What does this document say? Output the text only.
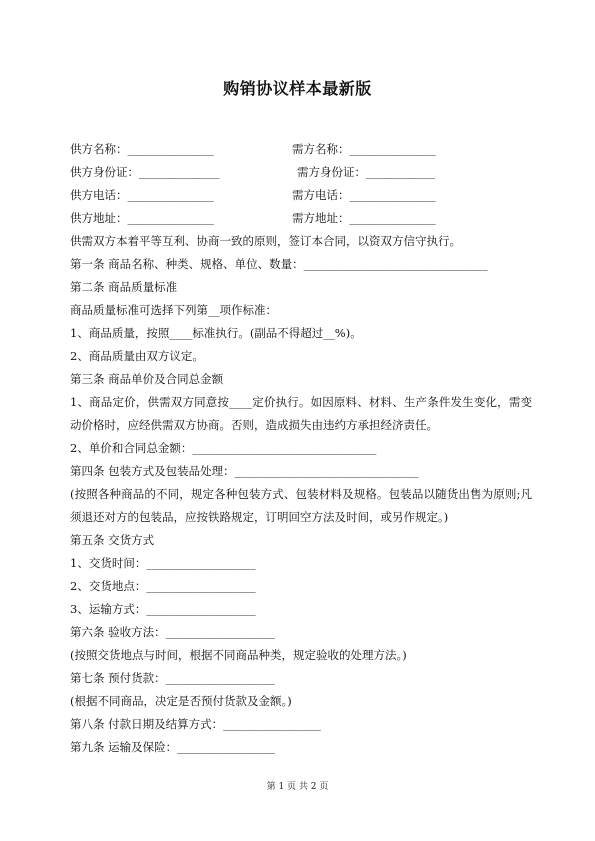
购销协议样本最新版
供方名称：_______________	需方名称：_______________
供方身份证：______________	需方身份证：____________
供方电话：_______________	需方电话：_______________
供方地址：_______________	需方地址：_______________
供需双方本着平等互利、协商一致的原则，签订本合同，以资双方信守执行。
第一条 商品名称、种类、规格、单位、数量：________________________________
第二条 商品质量标准
商品质量标准可选择下列第__项作标准：
1、商品质量，按照____标准执行。(副品不得超过__%)。
2、商品质量由双方议定。
第三条 商品单价及合同总金额
1、商品定价，供需双方同意按____定价执行。如因原料、材料、生产条件发生变化，需变动价格时，应经供需双方协商。否则，造成损失由违约方承担经济责任。
2、单价和合同总金额：________________________________
第四条 包装方式及包装品处理：________________________________
(按照各种商品的不同，规定各种包装方式、包装材料及规格。包装品以随货出售为原则;凡须退还对方的包装品，应按铁路规定，订明回空方法及时间，或另作规定。)
第五条 交货方式
1、交货时间：___________________
2、交货地点：___________________
3、运输方式：___________________
第六条 验收方法：___________________
(按照交货地点与时间，根据不同商品种类，规定验收的处理方法。)
第七条 预付货款：___________________
(根据不同商品，决定是否预付货款及金额。)
第八条 付款日期及结算方式：_________________
第九条 运输及保险：_________________
第 1 页 共 2 页
